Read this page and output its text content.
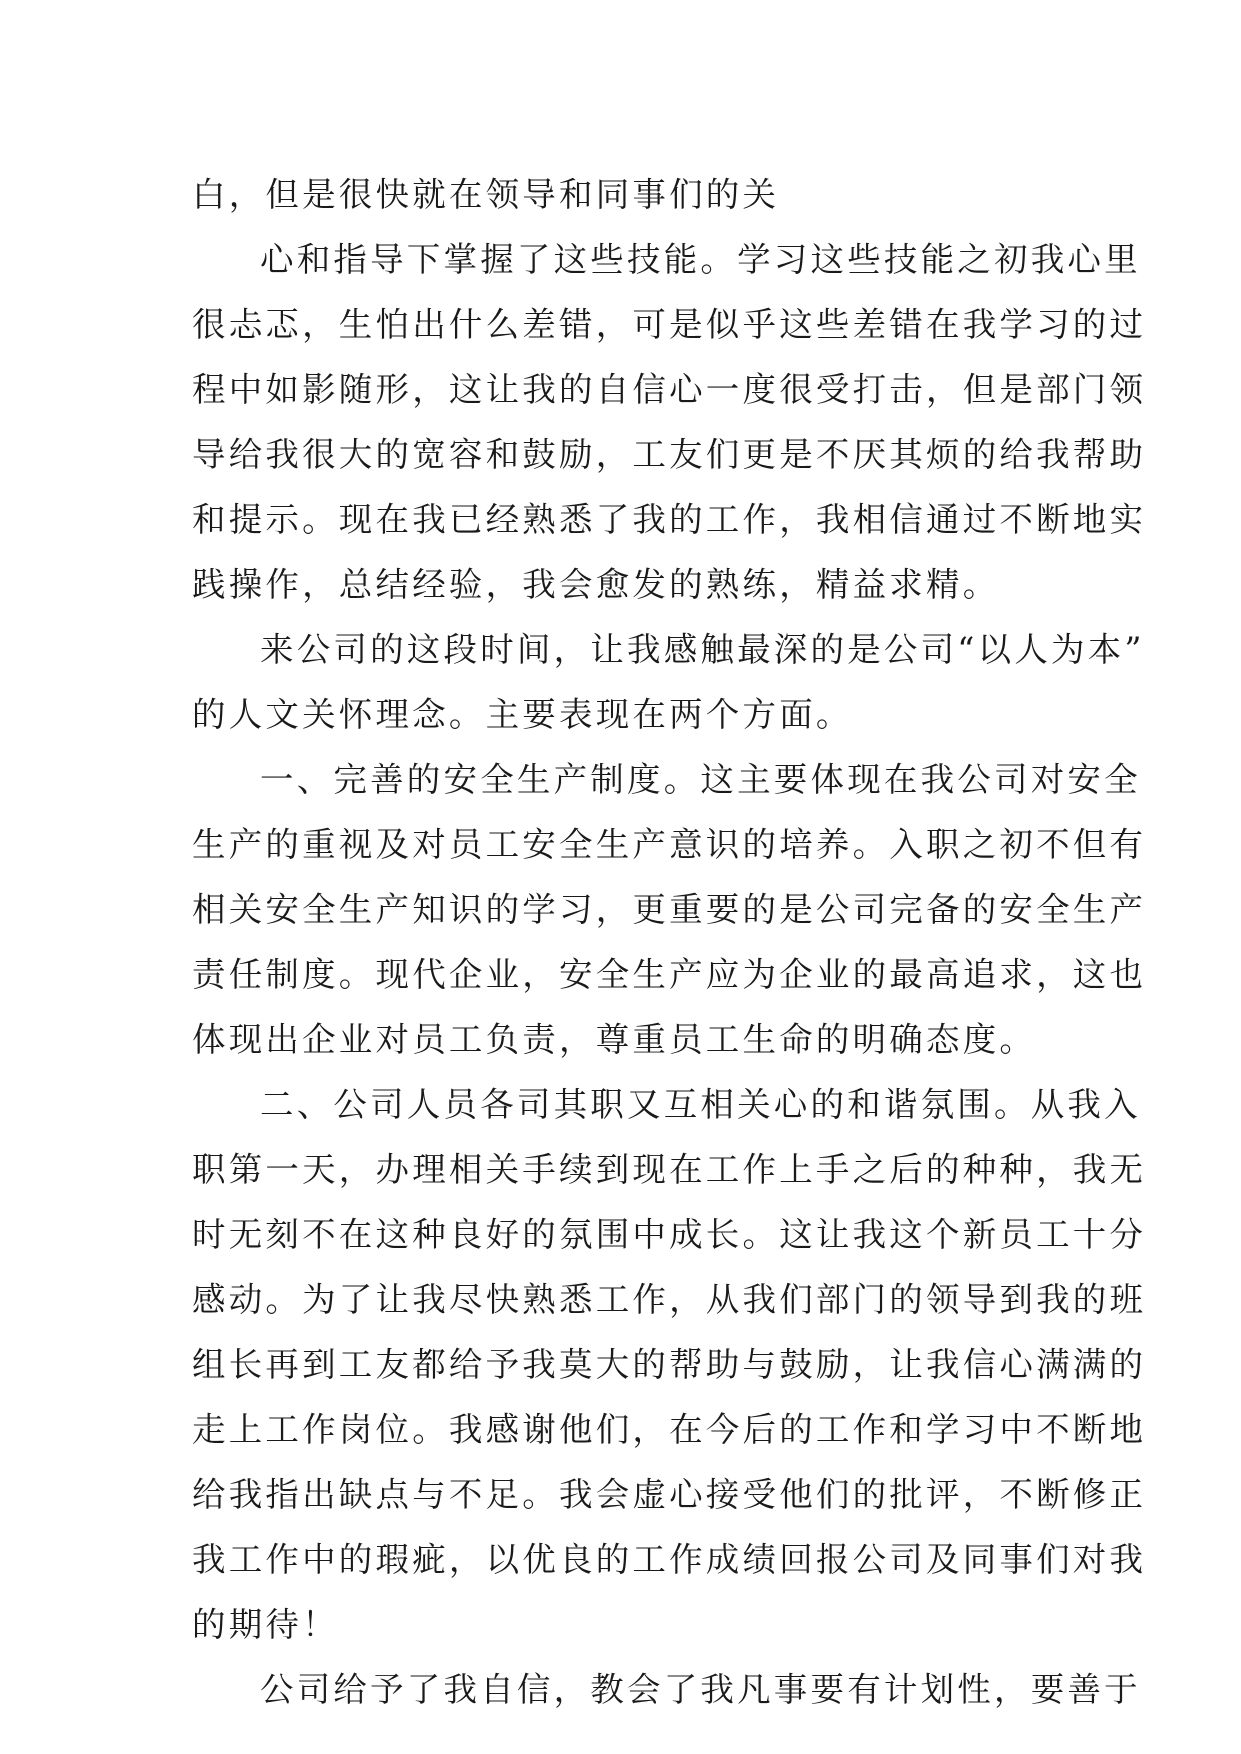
白，但是很快就在领导和同事们的关
心和指导下掌握了这些技能。学习这些技能之初我心里
很忐忑，生怕出什么差错，可是似乎这些差错在我学习的过
程中如影随形，这让我的自信心一度很受打击，但是部门领
导给我很大的宽容和鼓励，工友们更是不厌其烦的给我帮助
和提示。现在我已经熟悉了我的工作，我相信通过不断地实
践操作，总结经验，我会愈发的熟练，精益求精。
来公司的这段时间，让我感触最深的是公司“以人为本”
的人文关怀理念。主要表现在两个方面。
一、完善的安全生产制度。这主要体现在我公司对安全
生产的重视及对员工安全生产意识的培养。入职之初不但有
相关安全生产知识的学习，更重要的是公司完备的安全生产
责任制度。现代企业，安全生产应为企业的最高追求，这也
体现出企业对员工负责，尊重员工生命的明确态度。
二、公司人员各司其职又互相关心的和谐氛围。从我入
职第一天，办理相关手续到现在工作上手之后的种种，我无
时无刻不在这种良好的氛围中成长。这让我这个新员工十分
感动。为了让我尽快熟悉工作，从我们部门的领导到我的班
组长再到工友都给予我莫大的帮助与鼓励，让我信心满满的
走上工作岗位。我感谢他们，在今后的工作和学习中不断地
给我指出缺点与不足。我会虚心接受他们的批评，不断修正
我工作中的瑕疵，以优良的工作成绩回报公司及同事们对我
的期待！
公司给予了我自信，教会了我凡事要有计划性，要善于
